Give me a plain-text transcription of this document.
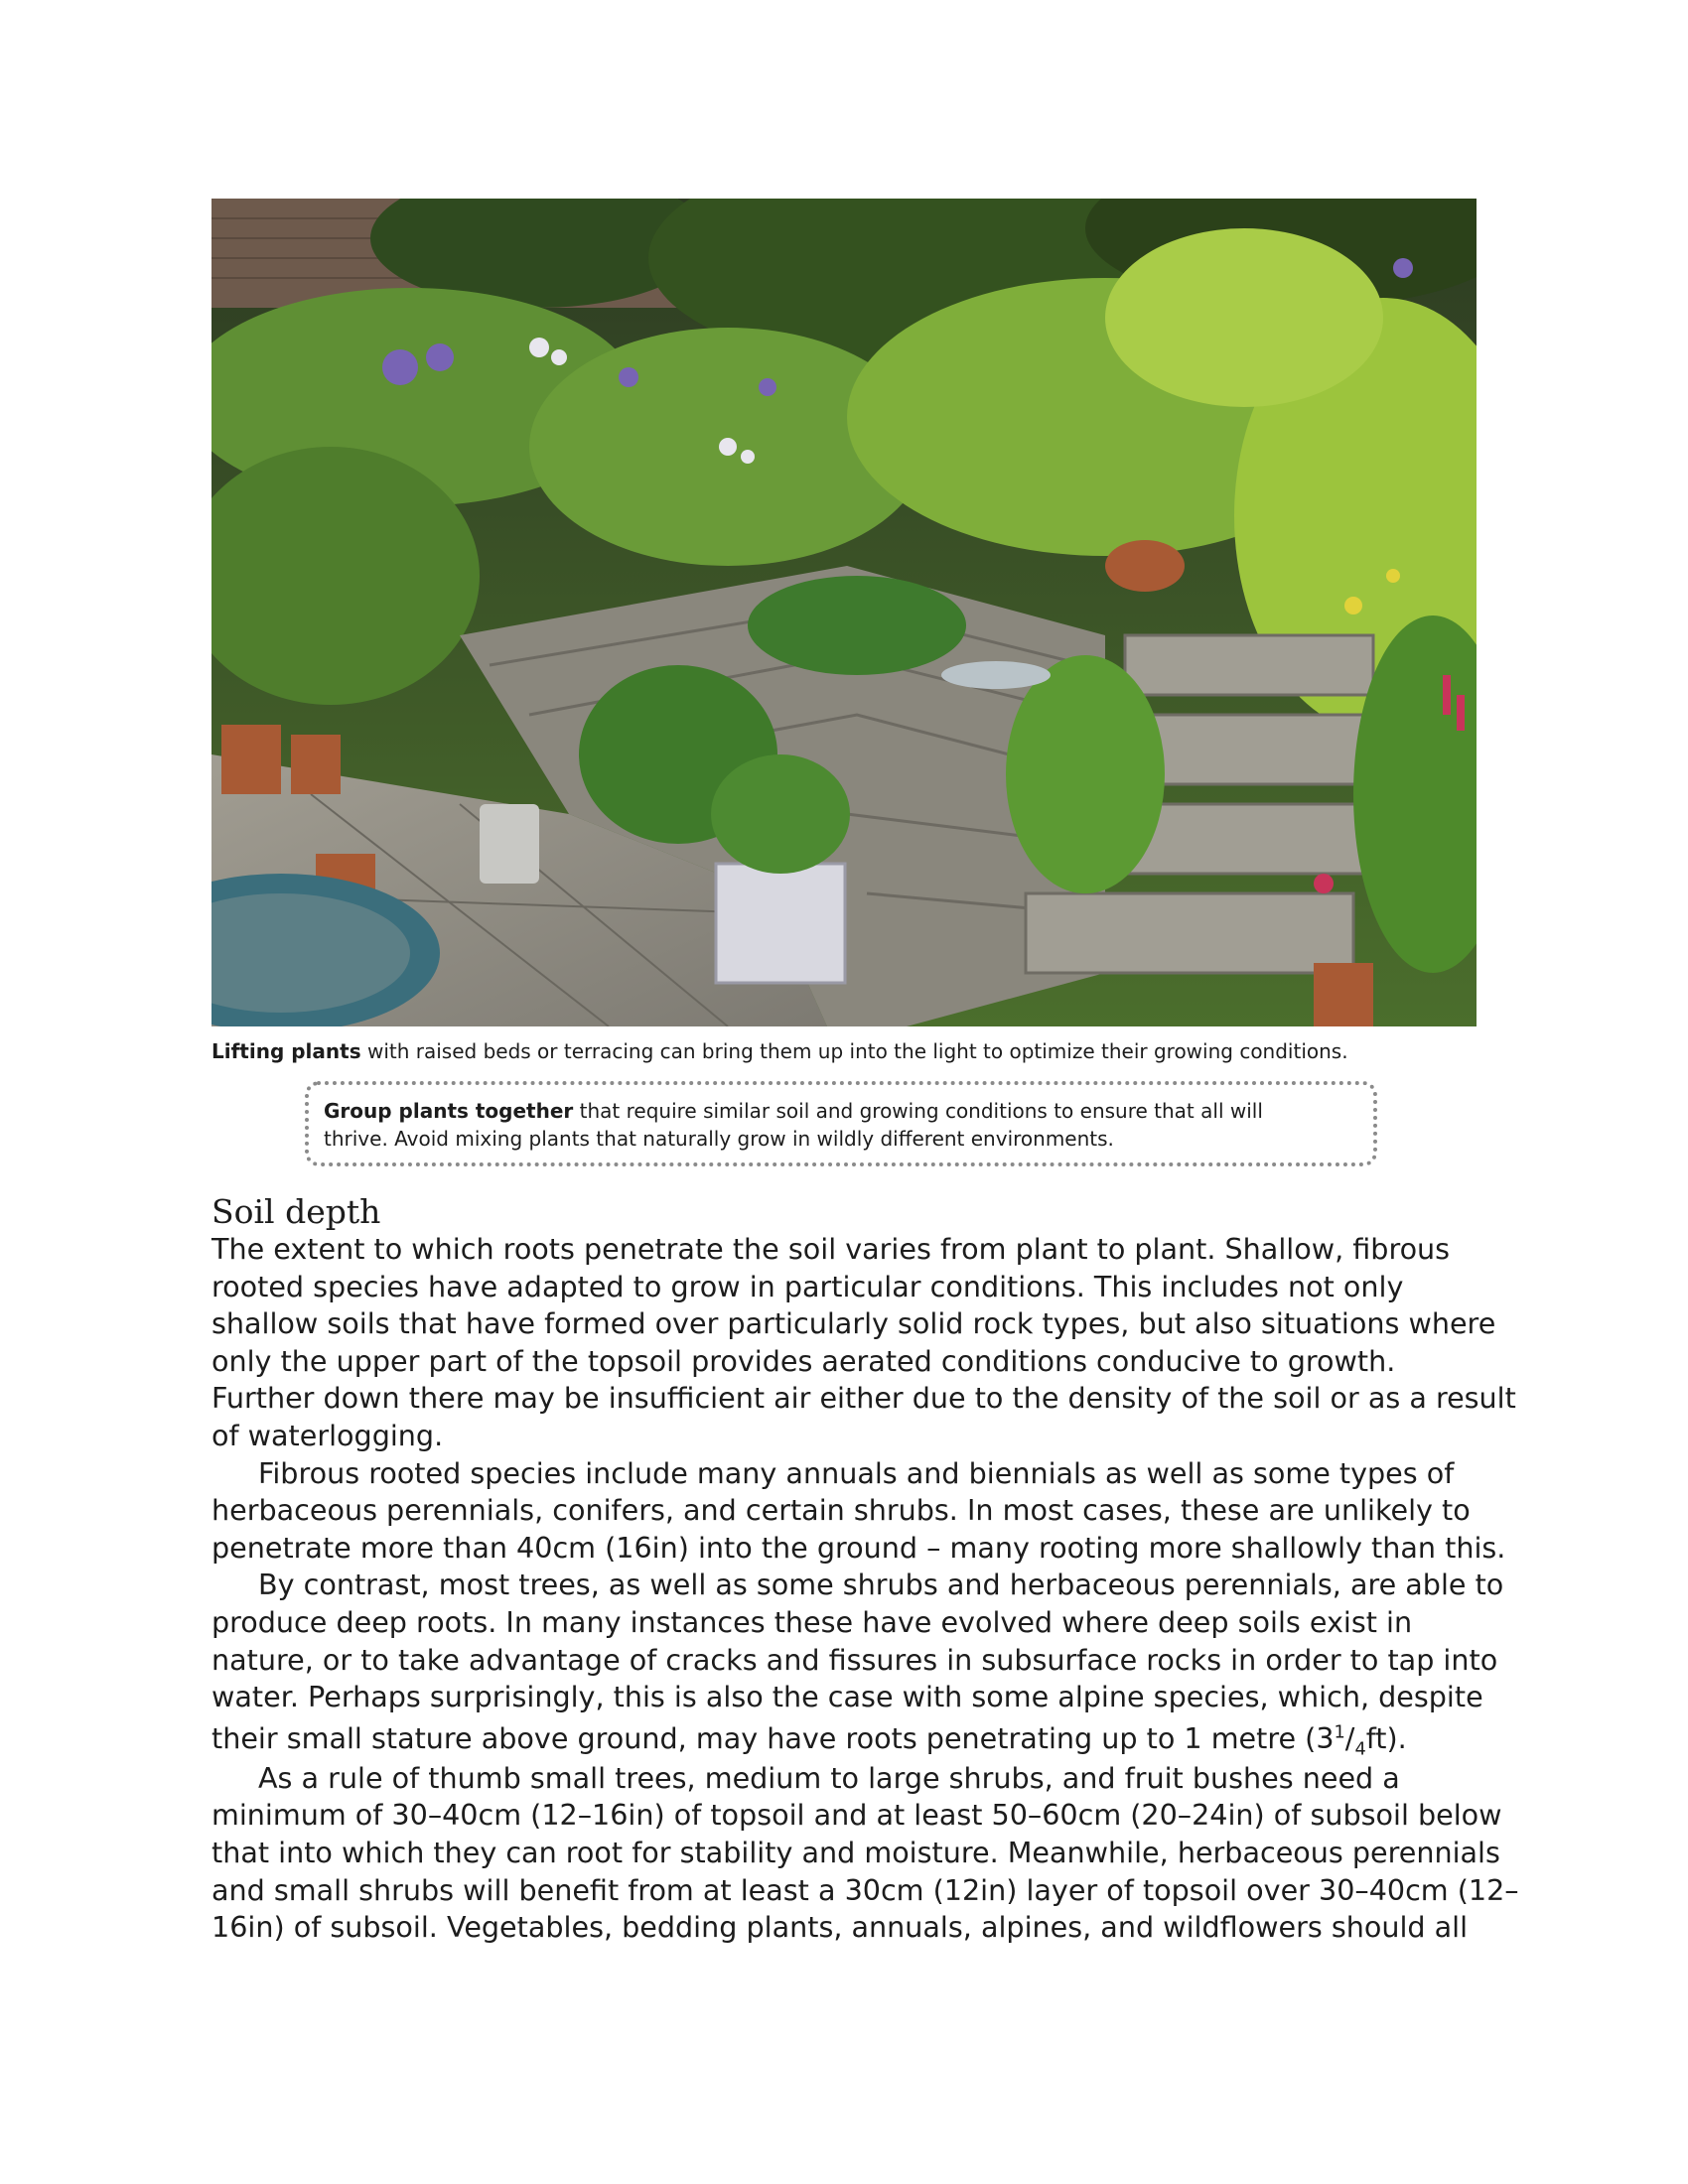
Lifting plants with raised beds or terracing can bring them up into the light to optimize their growing conditions.
Group plants together that require similar soil and growing conditions to ensure that all will
thrive. Avoid mixing plants that naturally grow in wildly different environments.
Soil depth

The extent to which roots penetrate the soil varies from plant to plant. Shallow, fibrous

rooted species have adapted to grow in particular conditions. This includes not only

shallow soils that have formed over particularly solid rock types, but also situations where

only the upper part of the topsoil provides aerated conditions conducive to growth.

Further down there may be insufficient air either due to the density of the soil or as a result

of waterlogging.

Fibrous rooted species include many annuals and biennials as well as some types of

herbaceous perennials, conifers, and certain shrubs. In most cases, these are unlikely to

penetrate more than 40cm (16in) into the ground – many rooting more shallowly than this.

By contrast, most trees, as well as some shrubs and herbaceous perennials, are able to

produce deep roots. In many instances these have evolved where deep soils exist in

nature, or to take advantage of cracks and fissures in subsurface rocks in order to tap into

water. Perhaps surprisingly, this is also the case with some alpine species, which, despite

their small stature above ground, may have roots penetrating up to 1 metre $(3^1/_4ft)$.

As a rule of thumb small trees, medium to large shrubs, and fruit bushes need a

minimum of 30–40cm (12–16in) of topsoil and at least 50–60cm (20–24in) of subsoil below

that into which they can root for stability and moisture. Meanwhile, herbaceous perennials

and small shrubs will benefit from at least a 30cm (12in) layer of topsoil over 30–40cm (12–

16in) of subsoil. Vegetables, bedding plants, annuals, alpines, and wildflowers should all
